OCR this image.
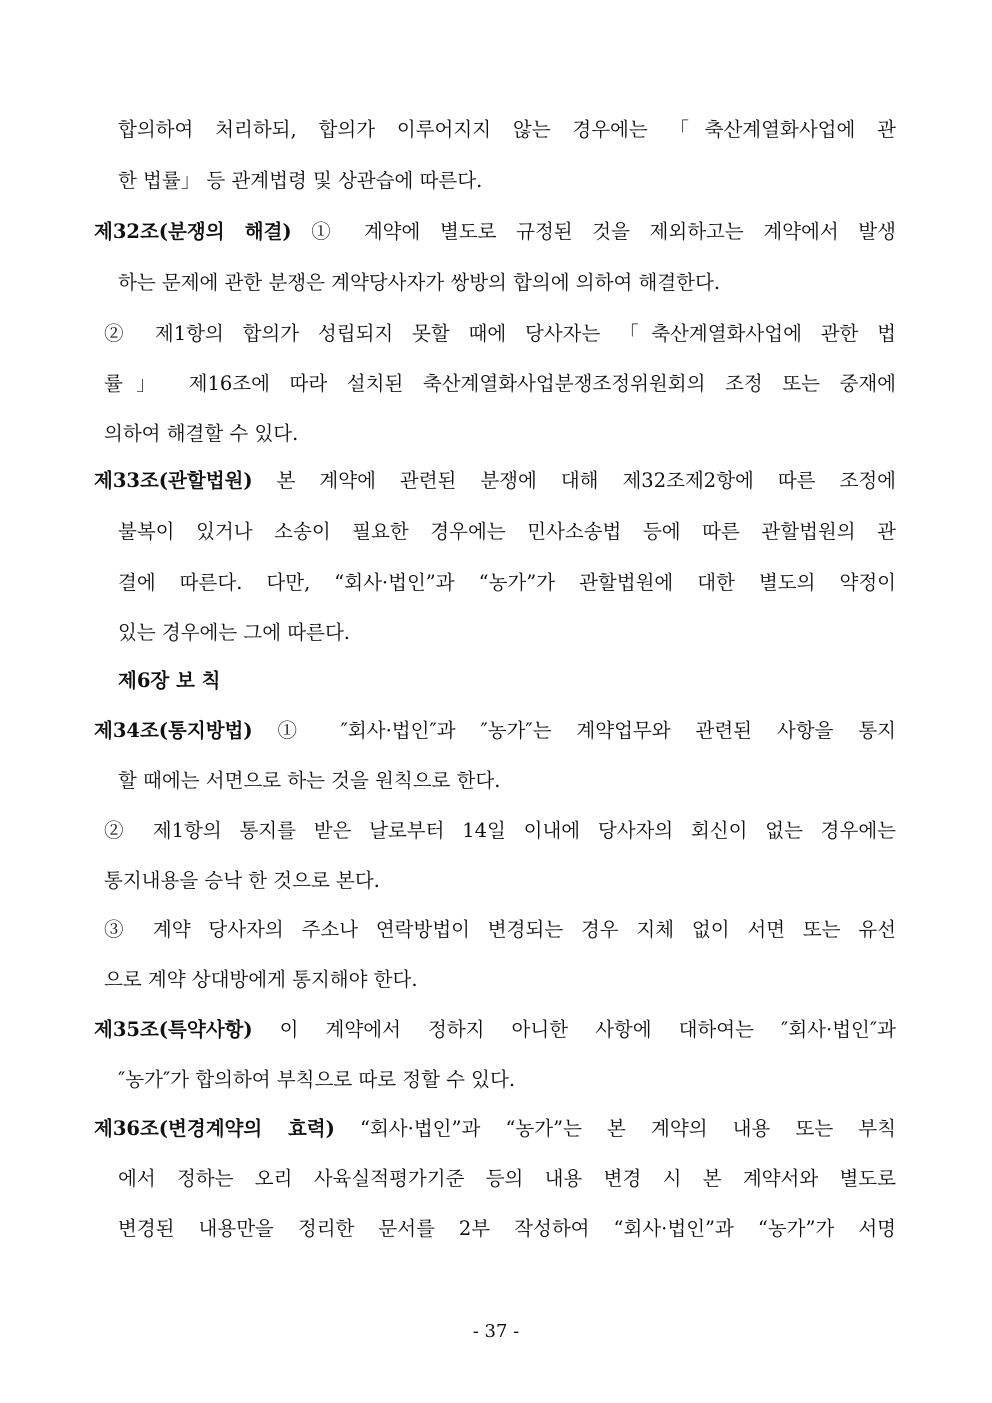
합의하여 처리하되, 합의가 이루어지지 않는 경우에는 「축산계열화사업에 관

한 법률」 등 관계법령 및 상관습에 따른다.

제32조(분쟁의 해결) ① 계약에 별도로 규정된 것을 제외하고는 계약에서 발생

하는 문제에 관한 분쟁은 계약당사자가 쌍방의 합의에 의하여 해결한다.

② 제1항의 합의가 성립되지 못할 때에 당사자는 「축산계열화사업에 관한 법

률」 제16조에 따라 설치된 축산계열화사업분쟁조정위원회의 조정 또는 중재에

의하여 해결할 수 있다.

제33조(관할법원) 본 계약에 관련된 분쟁에 대해 제32조제2항에 따른 조정에

불복이 있거나 소송이 필요한 경우에는 민사소송법 등에 따른 관할법원의 관

결에 따른다. 다만, “회사·법인”과 “농가”가 관할법원에 대한 별도의 약정이

있는 경우에는 그에 따른다.

제6장 보 칙

제34조(통지방법) ① ″회사·법인″과 ″농가″는 계약업무와 관련된 사항을 통지

할 때에는 서면으로 하는 것을 원칙으로 한다.

② 제1항의 통지를 받은 날로부터 14일 이내에 당사자의 회신이 없는 경우에는

통지내용을 승낙 한 것으로 본다.

③ 계약 당사자의 주소나 연락방법이 변경되는 경우 지체 없이 서면 또는 유선

으로 계약 상대방에게 통지해야 한다.

제35조(특약사항) 이 계약에서 정하지 아니한 사항에 대하여는 ″회사·법인″과

″농가″가 합의하여 부칙으로 따로 정할 수 있다.

제36조(변경계약의 효력) “회사·법인”과 “농가”는 본 계약의 내용 또는 부칙

에서 정하는 오리 사육실적평가기준 등의 내용 변경 시 본 계약서와 별도로

변경된 내용만을 정리한 문서를 2부 작성하여 “회사·법인”과 “농가”가 서명

- 37 -
